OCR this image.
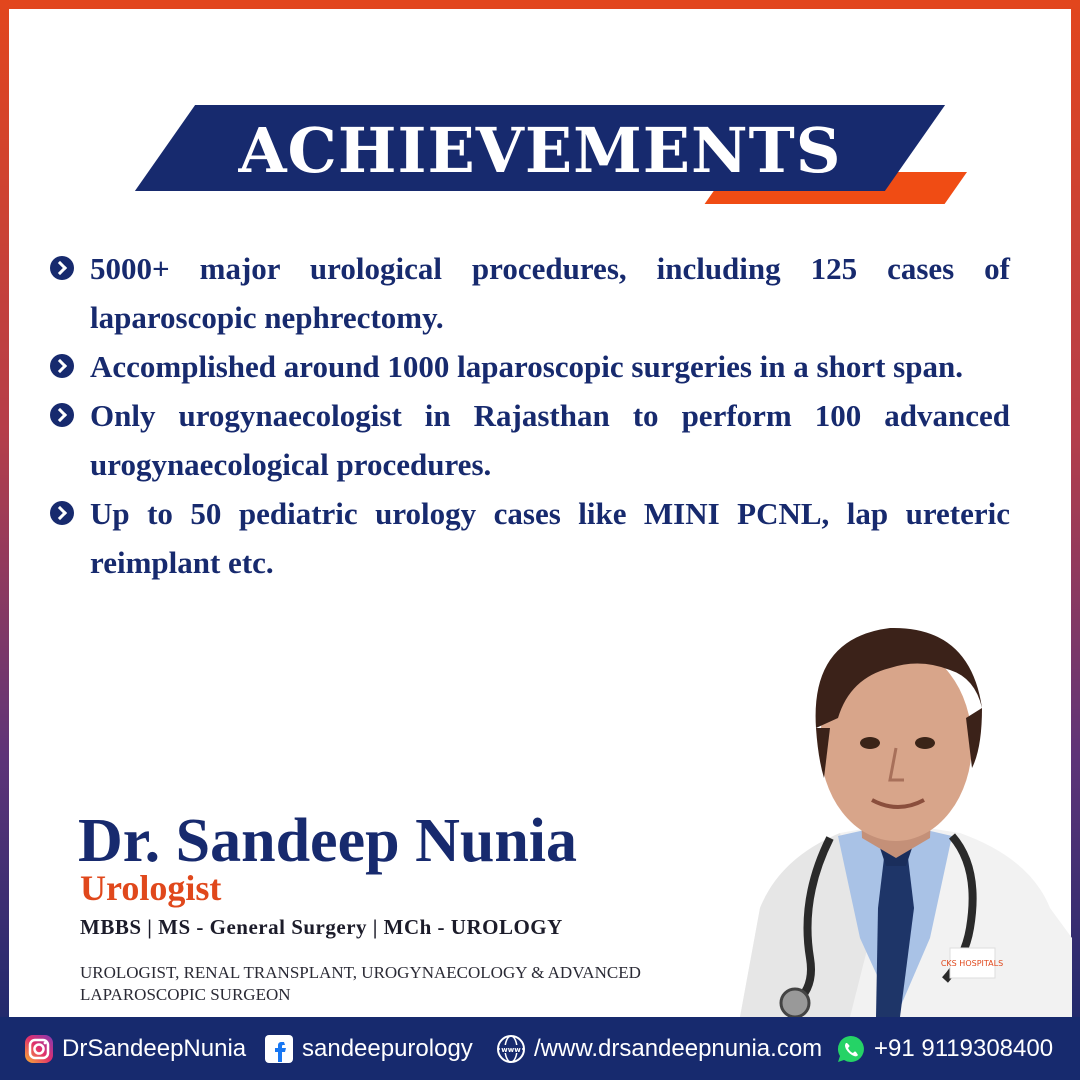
ACHIEVEMENTS
5000+ major urological procedures, including 125 cases of laparoscopic nephrectomy.
Accomplished around 1000 laparoscopic surgeries in a short span.
Only urogynaecologist in Rajasthan to perform 100 advanced urogynaecological procedures.
Up to 50 pediatric urology cases like MINI PCNL, lap ureteric reimplant etc.
CKS HOSPITALS
Dr. Sandeep Nunia
Urologist
MBBS | MS - General Surgery | MCh - UROLOGY
UROLOGIST, RENAL TRANSPLANT, UROGYNAECOLOGY & ADVANCED LAPAROSCOPIC SURGEON
DrSandeepNunia sandeepurology	www /www.drsandeepnunia.com +91 9119308400
